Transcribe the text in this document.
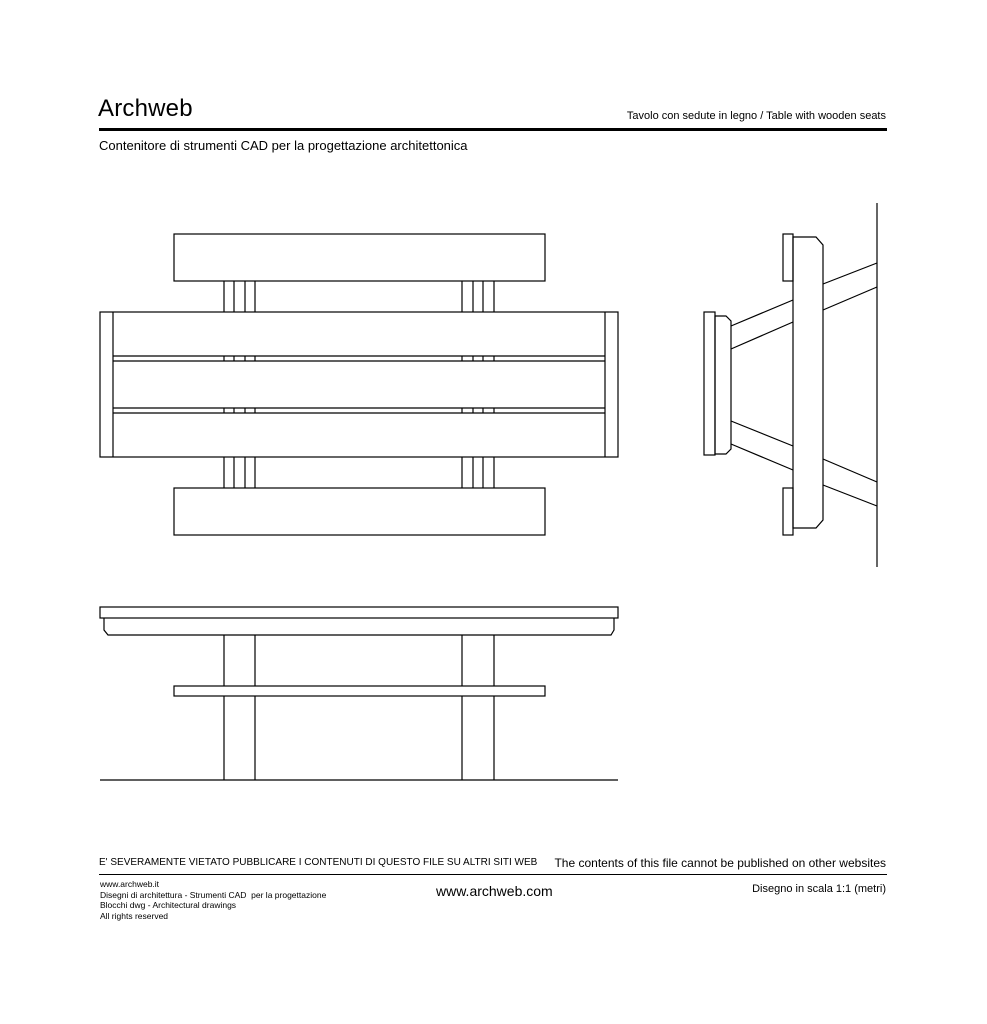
Archweb	Tavolo con sedute in legno / Table with wooden seats
Contenitore di strumenti CAD per la progettazione architettonica
E' SEVERAMENTE VIETATO PUBBLICARE I CONTENUTI DI QUESTO FILE SU ALTRI SITI WEB The contents of this file cannot be published on other websites
www.archweb.it
Disegni di architettura - Strumenti CAD  per la progettazione
Blocchi dwg - Architectural drawings
All rights reserved
www.archweb.com	Disegno in scala 1:1 (metri)
